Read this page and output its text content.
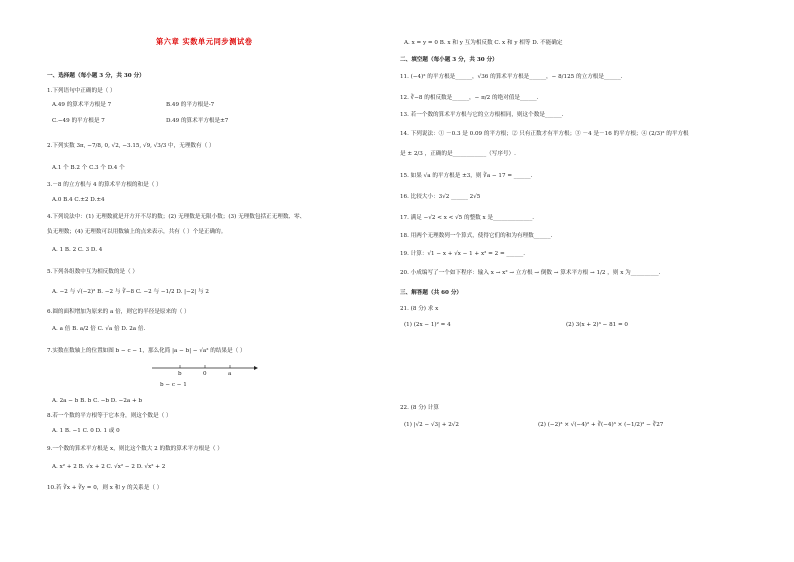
第六章 实数单元同步测试卷
一、选择题（每小题 3 分，共 30 分）
1.下列语句中正确的是（ ）
A.49 的算术平方根是 7	B.49 的平方根是-7
C.−49 的平方根是 7	D.49 的算术平方根是±7
2.下列实数 3π, −7/8, 0, √2, −3.15, √9, √3/3 中，无理数有（ ）
A.1 个 B.2 个 C.3 个 D.4 个
3.－8 的立方根与 4 的算术平方根的和是（ ）
A.0 B.4 C.±2 D.±4
4.下列说法中：(1) 无理数就是开方开不尽的数；(2) 无理数是无限小数；(3) 无理数包括正无理数、零、
负无理数；(4) 无理数可以用数轴上的点来表示，共有（ ）个是正确的。
A. 1 B. 2 C. 3 D. 4
5.下列各组数中互为相反数的是（ ）
A. −2 与 √(−2)² B. −2 与 ∛−8 C. −2 与 −1/2 D. |−2| 与 2
6.圆的面积增加为原来的 a 倍，则它的半径是原来的（ ）
A. a 倍 B. a/2 倍 C. √a 倍 D. 2a 倍.
7.实数在数轴上的位置如图 b − c − 1，那么化简 |a − b| − √a² 的结果是（ ）
b	0	a
b − c − 1
A. 2a − b B. b C. −b D. −2a + b
8.若一个数的平方根等于它本身，则这个数是（ ）
A. 1 B. −1 C. 0 D. 1 或 0
9.一个数的算术平方根是 x，则比这个数大 2 的数的算术平方根是（ ）
A. x² + 2 B. √x + 2 C. √x² − 2 D. √x² + 2
10.若 ∛x + ∛y = 0，则 x 和 y 的关系是（ ）
A. x = y = 0 B. x 和 y 互为相反数 C. x 和 y 相等 D. 不能确定
二、填空题（每小题 3 分，共 30 分）
11. (−4)² 的平方根是______，√36 的算术平方根是______，− 8/125 的立方根是______.
12. ∛−8 的相反数是______，− π/2 的绝对值是______.
13. 若一个数的算术平方根与它的立方根相同，则这个数是______.
14. 下列说法：① －0.3 是 0.09 的平方根；② 只有正数才有平方根；③ －4 是－16 的平方根；④ (2/3)² 的平方根
是 ± 2/3 ，正确的是____________（写序号）.
15. 如果 √a 的平方根是 ±3，则 ∛a − 17 = ______.
16. 比较大小：3√2 ______ 2√5
17. 满足 −√2 < x < √5 的整数 x 是______________.
18. 用两个无理数列一个算式，使得它们的和为有理数______.
19. 计算：√1 − x + √x − 1 + x² = 2 = ______.
20. 小成编写了一个如下程序：输入 x → x² → 立方根 → 倒数 → 算术平方根 → 1/2 ，则 x 为__________.
三、解答题（共 60 分）
21. (8 分) 求 x
(1) (2x − 1)² = 4	(2) 3(x + 2)³ − 81 = 0
22. (8 分) 计算
(1) |√2 − √3| + 2√2	(2) (−2)³ × √(−4)² + ∛(−4)³ × (−1/2)² − ∛27
